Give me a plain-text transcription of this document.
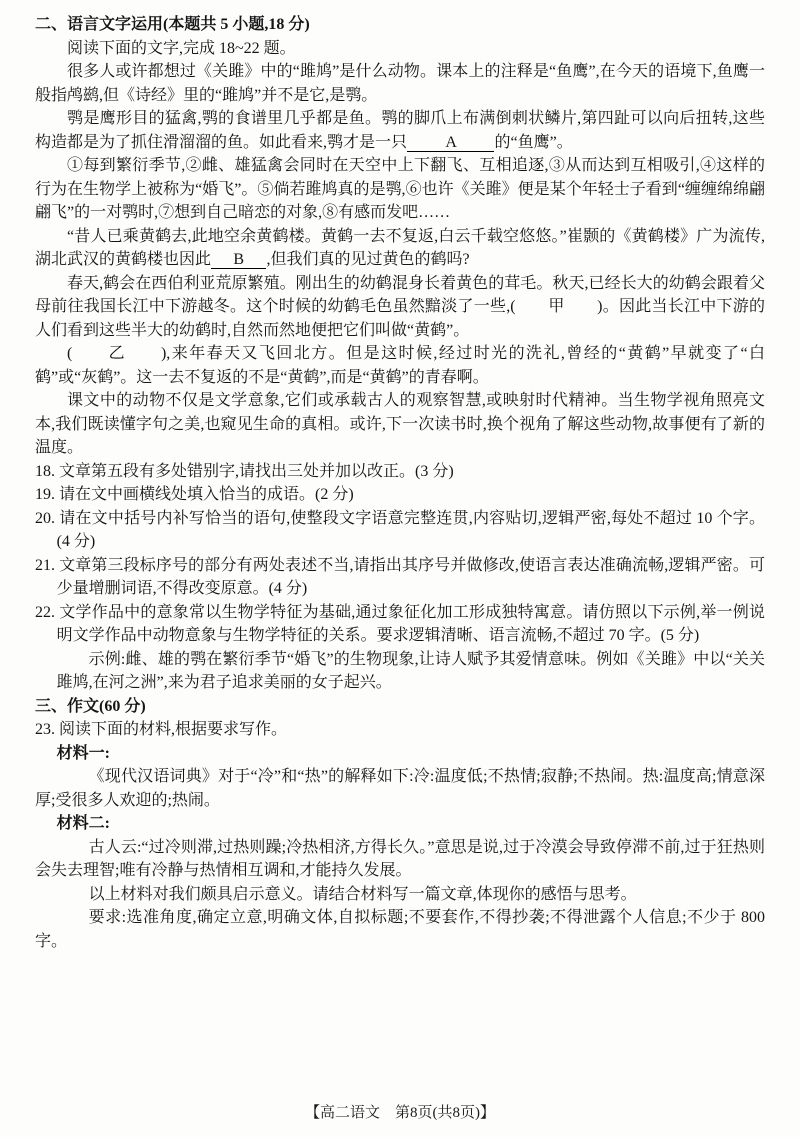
二、语言文字运用(本题共 5 小题,18 分)

阅读下面的文字,完成 18~22 题。

很多人或许都想过《关雎》中的“雎鸠”是什么动物。课本上的注释是“鱼鹰”,在今天的语境下,鱼鹰一般指鸬鹚,但《诗经》里的“雎鸠”并不是它,是鹗。

鹗是鹰形目的猛禽,鹗的食谱里几乎都是鱼。鹗的脚爪上布满倒刺状鳞片,第四趾可以向后扭转,这些构造都是为了抓住滑溜溜的鱼。如此看来,鹗才是一只　　A　　的“鱼鹰”。

①每到繁衍季节,②雌、雄猛禽会同时在天空中上下翻飞、互相追逐,③从而达到互相吸引,④这样的行为在生物学上被称为“婚飞”。⑤倘若雎鸠真的是鹗,⑥也许《关雎》便是某个年轻士子看到“缠缠绵绵翩翩飞”的一对鹗时,⑦想到自己暗恋的对象,⑧有感而发吧……

“昔人已乘黄鹤去,此地空余黄鹤楼。黄鹤一去不复返,白云千载空悠悠。”崔颢的《黄鹤楼》广为流传,湖北武汉的黄鹤楼也因此　B　,但我们真的见过黄色的鹤吗?

春天,鹤会在西伯利亚荒原繁殖。刚出生的幼鹤混身长着黄色的茸毛。秋天,已经长大的幼鹤会跟着父母前往我国长江中下游越冬。这个时候的幼鹤毛色虽然黯淡了一些,(　　甲　　)。因此当长江中下游的人们看到这些半大的幼鹤时,自然而然地便把它们叫做“黄鹤”。

(　　乙　　),来年春天又飞回北方。但是这时候,经过时光的洗礼,曾经的“黄鹤”早就变了“白鹤”或“灰鹤”。这一去不复返的不是“黄鹤”,而是“黄鹤”的青春啊。

课文中的动物不仅是文学意象,它们或承载古人的观察智慧,或映射时代精神。当生物学视角照亮文本,我们既读懂字句之美,也窥见生命的真相。或许,下一次读书时,换个视角了解这些动物,故事便有了新的温度。

18. 文章第五段有多处错别字,请找出三处并加以改正。(3 分)

19. 请在文中画横线处填入恰当的成语。(2 分)

20. 请在文中括号内补写恰当的语句,使整段文字语意完整连贯,内容贴切,逻辑严密,每处不超过 10 个字。(4 分)

21. 文章第三段标序号的部分有两处表述不当,请指出其序号并做修改,使语言表达准确流畅,逻辑严密。可少量增删词语,不得改变原意。(4 分)

22. 文学作品中的意象常以生物学特征为基础,通过象征化加工形成独特寓意。请仿照以下示例,举一例说明文学作品中动物意象与生物学特征的关系。要求逻辑清晰、语言流畅,不超过 70 字。(5 分)

示例:雌、雄的鹗在繁衍季节“婚飞”的生物现象,让诗人赋予其爱情意味。例如《关雎》中以“关关雎鸠,在河之洲”,来为君子追求美丽的女子起兴。

三、作文(60 分)

23. 阅读下面的材料,根据要求写作。

材料一:

《现代汉语词典》对于“冷”和“热”的解释如下:冷:温度低;不热情;寂静;不热闹。热:温度高;情意深厚;受很多人欢迎的;热闹。

材料二:

古人云:“过冷则滞,过热则躁;冷热相济,方得长久。”意思是说,过于冷漠会导致停滞不前,过于狂热则会失去理智;唯有冷静与热情相互调和,才能持久发展。

以上材料对我们颇具启示意义。请结合材料写一篇文章,体现你的感悟与思考。

要求:选准角度,确定立意,明确文体,自拟标题;不要套作,不得抄袭;不得泄露个人信息;不少于 800 字。

【高二语文　第8页(共8页)】
